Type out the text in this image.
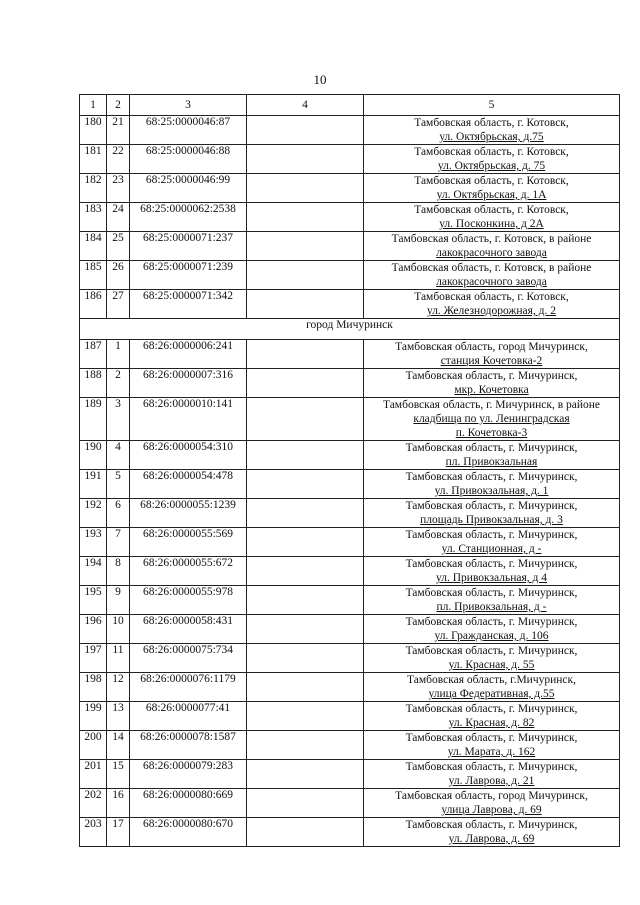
10
1	2	3	4	5
180	21	68:25:0000046:87		Тамбовская область, г. Котовск,
ул. Октябрьская, д.75

181	22	68:25:0000046:88		Тамбовская область, г. Котовск,
ул. Октябрьская, д. 75

182	23	68:25:0000046:99		Тамбовская область, г. Котовск,
ул. Октябрьская, д. 1А

183	24	68:25:0000062:2538		Тамбовская область, г. Котовск,
ул. Посконкина, д 2А

184	25	68:25:0000071:237		Тамбовская область, г. Котовск, в районе
лакокрасочного завода

185	26	68:25:0000071:239		Тамбовская область, г. Котовск, в районе
лакокрасочного завода

186	27	68:25:0000071:342		Тамбовская область, г. Котовск,
ул. Железнодорожная, д. 2

город Мичуринск				
187	1	68:26:0000006:241		Тамбовская область, город Мичуринск,
станция Кочетовка-2

188	2	68:26:0000007:316		Тамбовская область, г. Мичуринск,
мкр. Кочетовка

189	3	68:26:0000010:141		Тамбовская область, г. Мичуринск, в районе
кладбища по ул. Ленинградская
п. Кочетовка-3

190	4	68:26:0000054:310		Тамбовская область, г. Мичуринск,
пл. Привокзальная

191	5	68:26:0000054:478		Тамбовская область, г. Мичуринск,
ул. Привокзальная, д. 1

192	6	68:26:0000055:1239		Тамбовская область, г. Мичуринск,
площадь Привокзальная, д. 3

193	7	68:26:0000055:569		Тамбовская область, г. Мичуринск,
ул. Станционная, д -

194	8	68:26:0000055:672		Тамбовская область, г. Мичуринск,
ул. Привокзальная, д 4

195	9	68:26:0000055:978		Тамбовская область, г. Мичуринск,
пл. Привокзальная, д -

196	10	68:26:0000058:431		Тамбовская область, г. Мичуринск,
ул. Гражданская, д. 106

197	11	68:26:0000075:734		Тамбовская область, г. Мичуринск,
ул. Красная, д. 55

198	12	68:26:0000076:1179		Тамбовская область, г.Мичуринск,
улица Федеративная, д.55

199	13	68:26:0000077:41		Тамбовская область, г. Мичуринск,
ул. Красная, д. 82

200	14	68:26:0000078:1587		Тамбовская область, г. Мичуринск,
ул. Марата, д. 162

201	15	68:26:0000079:283		Тамбовская область, г. Мичуринск,
ул. Лаврова, д. 21

202	16	68:26:0000080:669		Тамбовская область, город Мичуринск,
улица Лаврова, д. 69

203	17	68:26:0000080:670		Тамбовская область, г. Мичуринск,
ул. Лаврова, д. 69
